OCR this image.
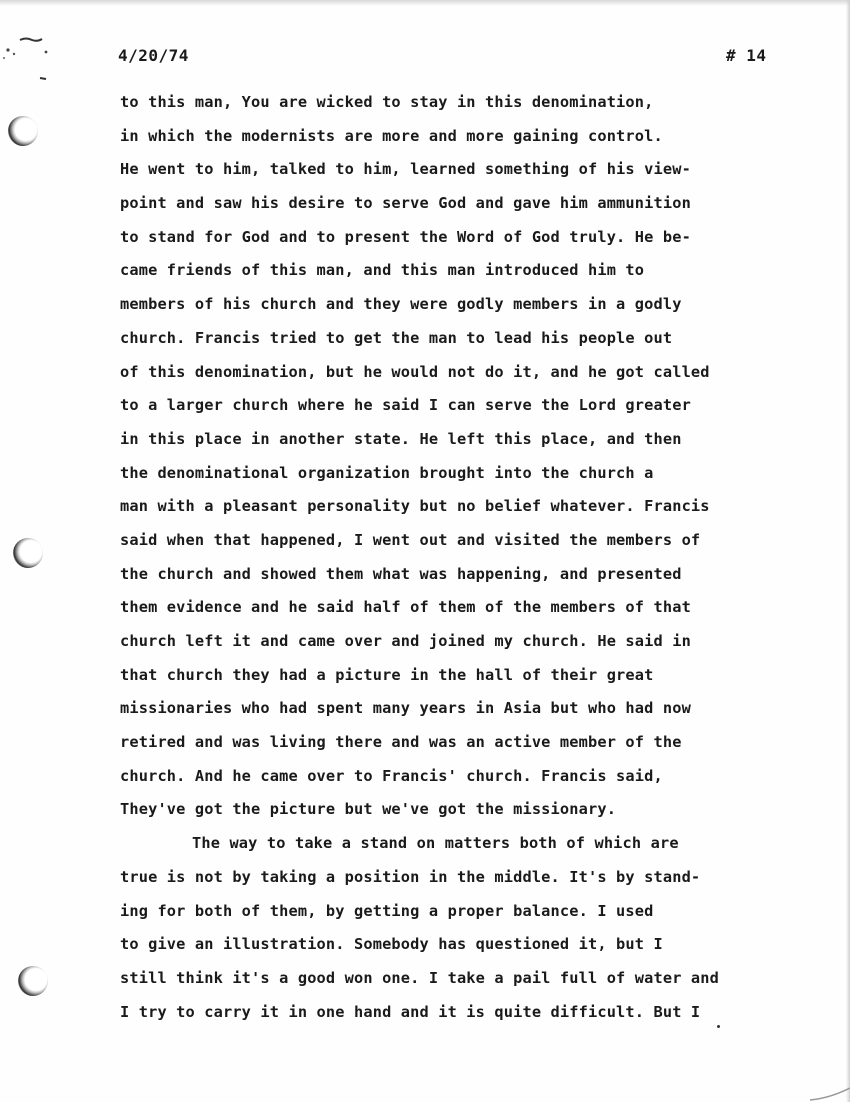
4/20/74	# 14
to this man, You are wicked to stay in this denomination,
in which the modernists are more and more gaining control.
He went to him, talked to him, learned something of his view-
point and saw his desire to serve God and gave him ammunition
to stand for God and to present the Word of God truly. He be-
came friends of this man, and this man introduced him to
members of his church and they were godly members in a godly
church. Francis tried to get the man to lead his people out
of this denomination, but he would not do it, and he got called
to a larger church where he said I can serve the Lord greater
in this place in another state. He left this place, and then
the denominational organization brought into the church a
man with a pleasant personality but no belief whatever. Francis
said when that happened, I went out and visited the members of
the church and showed them what was happening, and presented
them evidence and he said half of them of the members of that
church left it and came over and joined my church. He said in
that church they had a picture in the hall of their great
missionaries who had spent many years in Asia but who had now
retired and was living there and was an active member of the
church. And he came over to Francis' church. Francis said,
They've got the picture but we've got the missionary.
The way to take a stand on matters both of which are
true is not by taking a position in the middle. It's by stand-
ing for both of them, by getting a proper balance. I used
to give an illustration. Somebody has questioned it, but I
still think it's a good won one. I take a pail full of water and
I try to carry it in one hand and it is quite difficult. But I
